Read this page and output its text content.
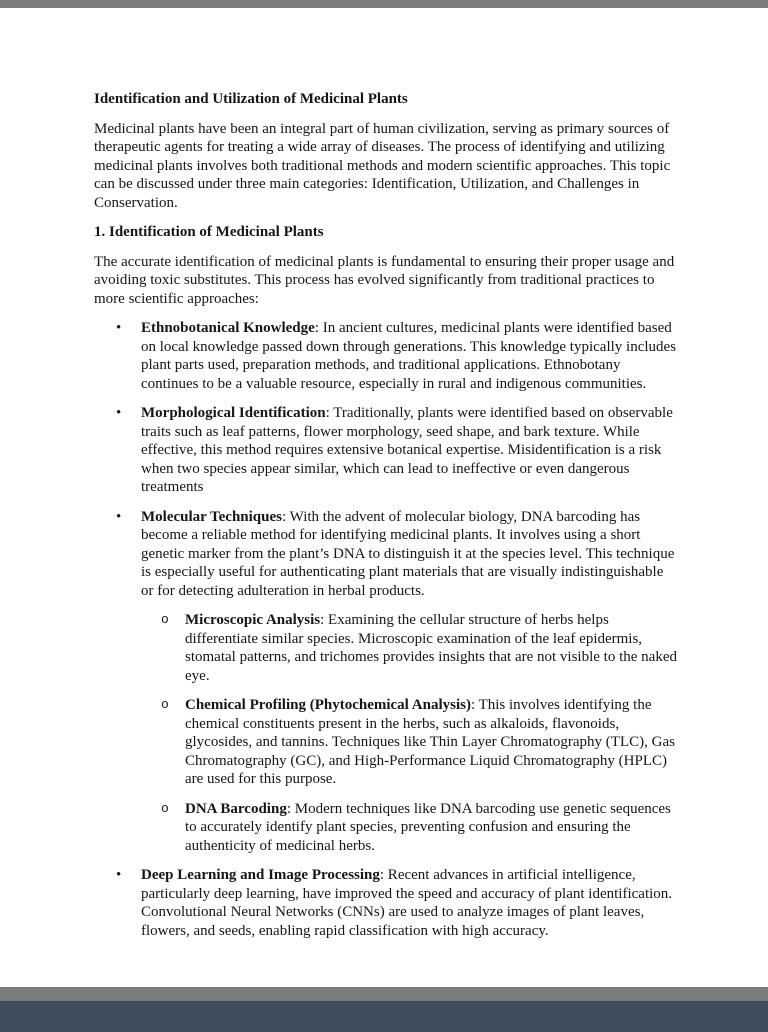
Identification and Utilization of Medicinal Plants

Medicinal plants have been an integral part of human civilization, serving as primary sources of therapeutic agents for treating a wide array of diseases. The process of identifying and utilizing medicinal plants involves both traditional methods and modern scientific approaches. This topic can be discussed under three main categories: Identification, Utilization, and Challenges in Conservation.

1. Identification of Medicinal Plants

The accurate identification of medicinal plants is fundamental to ensuring their proper usage and avoiding toxic substitutes. This process has evolved significantly from traditional practices to more scientific approaches:

•	Ethnobotanical Knowledge: In ancient cultures, medicinal plants were identified based on local knowledge passed down through generations. This knowledge typically includes plant parts used, preparation methods, and traditional applications. Ethnobotany continues to be a valuable resource, especially in rural and indigenous communities.
•	Morphological Identification: Traditionally, plants were identified based on observable traits such as leaf patterns, flower morphology, seed shape, and bark texture. While effective, this method requires extensive botanical expertise. Misidentification is a risk when two species appear similar, which can lead to ineffective or even dangerous treatments
•	Molecular Techniques: With the advent of molecular biology, DNA barcoding has become a reliable method for identifying medicinal plants. It involves using a short genetic marker from the plant’s DNA to distinguish it at the species level. This technique is especially useful for authenticating plant materials that are visually indistinguishable or for detecting adulteration in herbal products.
o	Microscopic Analysis: Examining the cellular structure of herbs helps differentiate similar species. Microscopic examination of the leaf epidermis, stomatal patterns, and trichomes provides insights that are not visible to the naked eye.
o	Chemical Profiling (Phytochemical Analysis): This involves identifying the chemical constituents present in the herbs, such as alkaloids, flavonoids, glycosides, and tannins. Techniques like Thin Layer Chromatography (TLC), Gas Chromatography (GC), and High-Performance Liquid Chromatography (HPLC) are used for this purpose.
o	DNA Barcoding: Modern techniques like DNA barcoding use genetic sequences to accurately identify plant species, preventing confusion and ensuring the authenticity of medicinal herbs.
•	Deep Learning and Image Processing: Recent advances in artificial intelligence, particularly deep learning, have improved the speed and accuracy of plant identification. Convolutional Neural Networks (CNNs) are used to analyze images of plant leaves, flowers, and seeds, enabling rapid classification with high accuracy.
